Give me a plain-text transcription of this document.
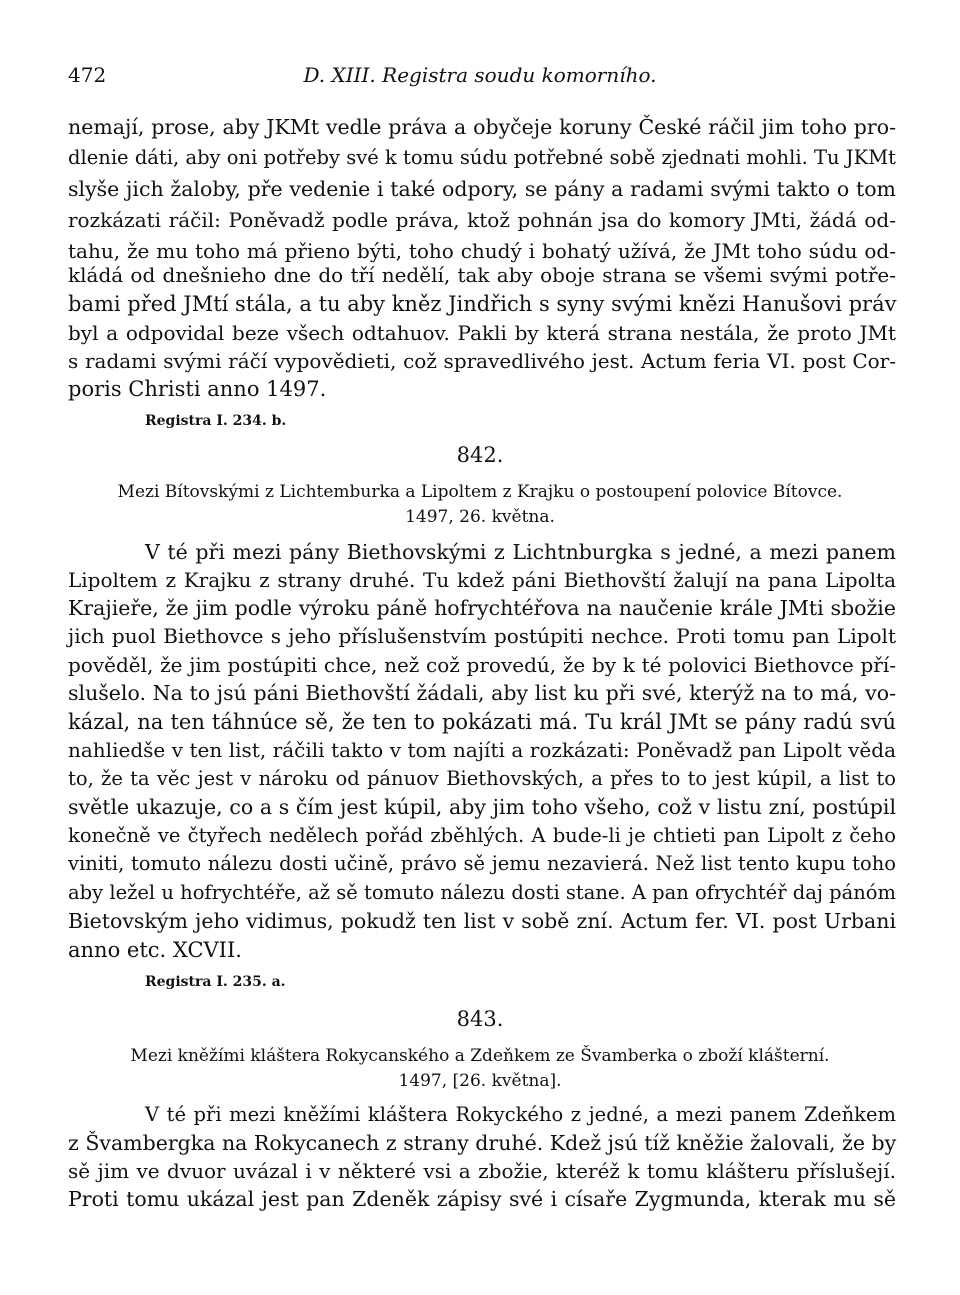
472	D. XIII. Registra soudu komorního.
nemají, prose, aby JKMt vedle práva a obyčeje koruny České ráčil jim toho pro-
dlenie dáti, aby oni potřeby své k tomu súdu potřebné sobě zjednati mohli. Tu JKMt
slyše jich žaloby, pře vedenie i také odpory, se pány a radami svými takto o tom
rozkázati ráčil: Poněvadž podle práva, ktož pohnán jsa do komory JMti, žádá od-
tahu, že mu toho má přieno býti, toho chudý i bohatý užívá, že JMt toho súdu od-
kládá od dnešnieho dne do tří nedělí, tak aby oboje strana se všemi svými potře-
bami před JMtí stála, a tu aby kněz Jindřich s syny svými knězi Hanušovi práv
byl a odpovidal beze všech odtahuov. Pakli by která strana nestála, že proto JMt
s radami svými ráčí vypovědieti, což spravedlivého jest. Actum feria VI. post Cor-
poris Christi anno 1497.
Registra I. 234. b.
842.
Mezi Bítovskými z Lichtemburka a Lipoltem z Krajku o postoupení polovice Bítovce.
1497, 26. května.
V té při mezi pány Biethovskými z Lichtnburgka s jedné, a mezi panem
Lipoltem z Krajku z strany druhé. Tu kdež páni Biethovští žalují na pana Lipolta
Krajieře, že jim podle výroku páně hofrychtéřova na naučenie krále JMti sbožie
jich puol Biethovce s jeho příslušenstvím postúpiti nechce. Proti tomu pan Lipolt
pověděl, že jim postúpiti chce, než což provedú, že by k té polovici Biethovce pří-
slušelo. Na to jsú páni Biethovští žádali, aby list ku při své, kterýž na to má, vo-
kázal, na ten táhnúce sě, že ten to pokázati má. Tu král JMt se pány radú svú
nahliedše v ten list, ráčili takto v tom najíti a rozkázati: Poněvadž pan Lipolt věda
to, že ta věc jest v nároku od pánuov Biethovských, a přes to to jest kúpil, a list to
světle ukazuje, co a s čím jest kúpil, aby jim toho všeho, což v listu zní, postúpil
konečně ve čtyřech nedělech pořád zběhlých. A bude-li je chtieti pan Lipolt z čeho
viniti, tomuto nálezu dosti učině, právo sě jemu nezavierá. Než list tento kupu toho
aby ležel u hofrychtéře, až sě tomuto nálezu dosti stane. A pan ofrychtéř daj pánóm
Bietovským jeho vidimus, pokudž ten list v sobě zní. Actum fer. VI. post Urbani
anno etc. XCVII.
Registra I. 235. a.
843.
Mezi kněžími kláštera Rokycanského a Zdeňkem ze Švamberka o zboží klášterní.
1497, [26. května].
V té při mezi kněžími kláštera Rokyckého z jedné, a mezi panem Zdeňkem
z Švambergka na Rokycanech z strany druhé. Kdež jsú tíž kněžie žalovali, že by
sě jim ve dvuor uvázal i v některé vsi a zbožie, kteréž k tomu klášteru příslušejí.
Proti tomu ukázal jest pan Zdeněk zápisy své i císaře Zygmunda, kterak mu sě
